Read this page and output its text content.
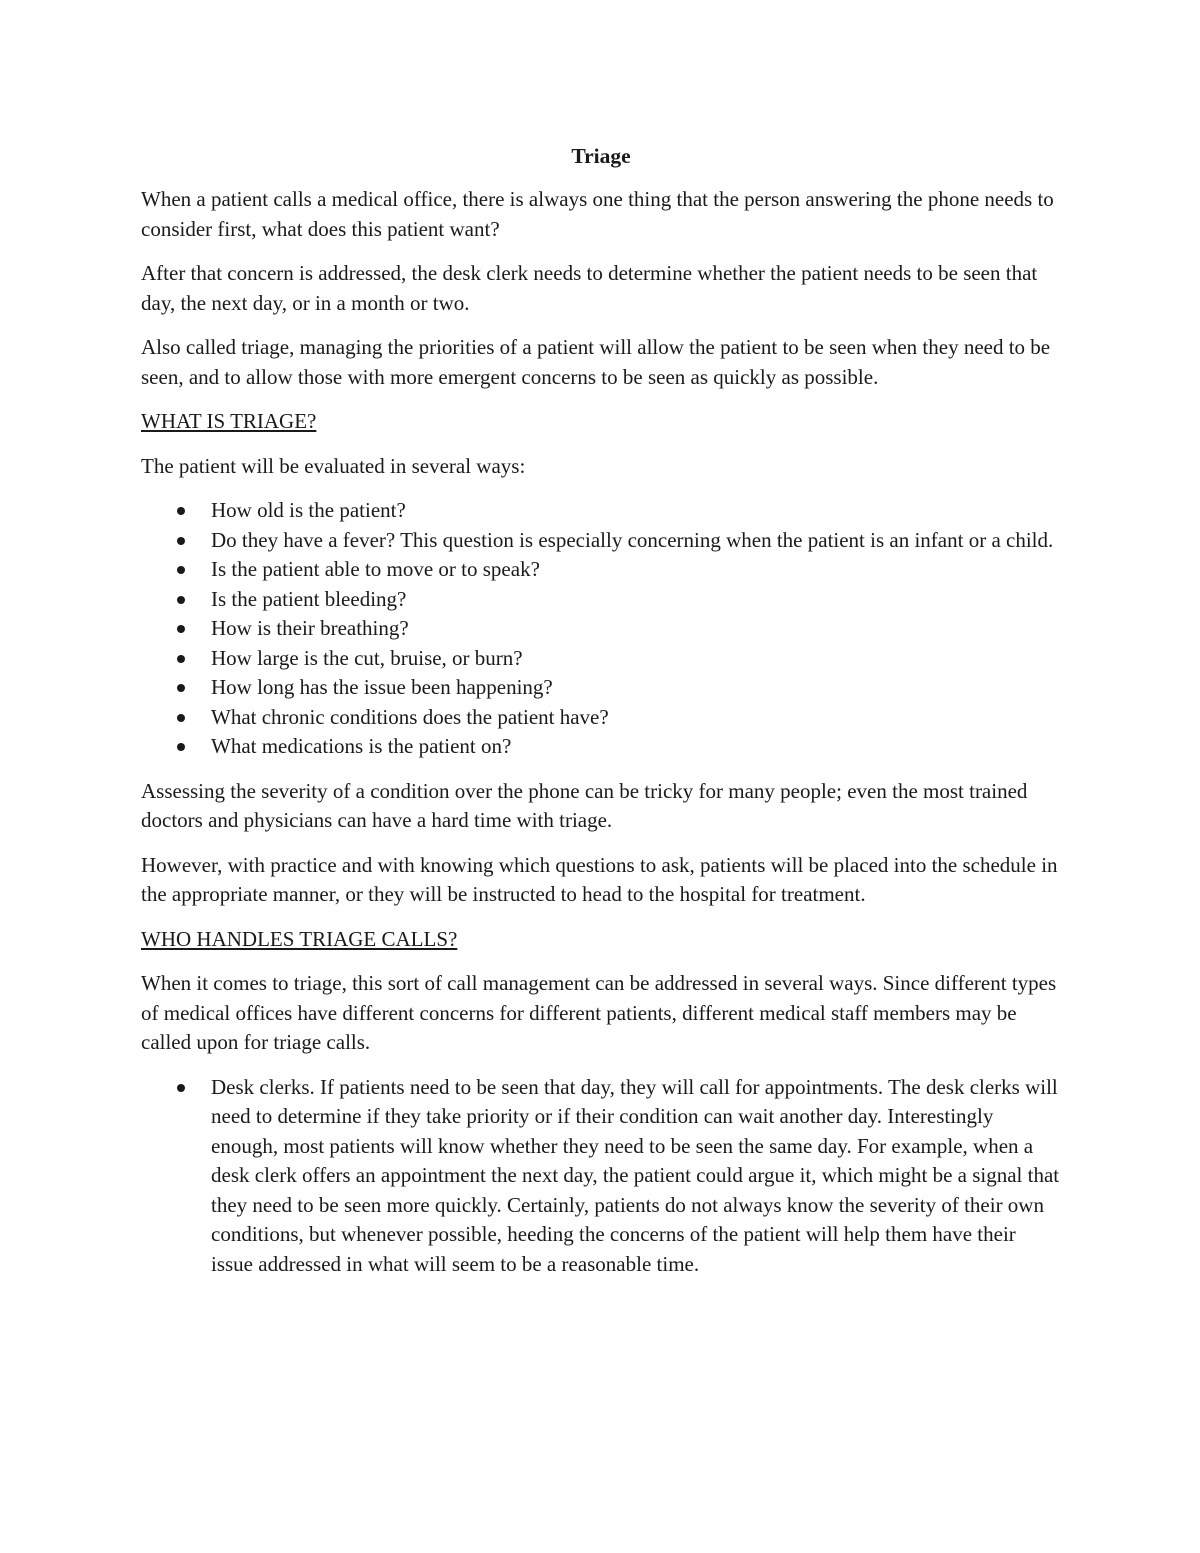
Triage

When a patient calls a medical office, there is always one thing that the person answering the phone needs to consider first, what does this patient want?

After that concern is addressed, the desk clerk needs to determine whether the patient needs to be seen that day, the next day, or in a month or two.

Also called triage, managing the priorities of a patient will allow the patient to be seen when they need to be seen, and to allow those with more emergent concerns to be seen as quickly as possible.

WHAT IS TRIAGE?

The patient will be evaluated in several ways:

How old is the patient?
Do they have a fever? This question is especially concerning when the patient is an infant or a child.
Is the patient able to move or to speak?
Is the patient bleeding?
How is their breathing?
How large is the cut, bruise, or burn?
How long has the issue been happening?
What chronic conditions does the patient have?
What medications is the patient on?

Assessing the severity of a condition over the phone can be tricky for many people; even the most trained doctors and physicians can have a hard time with triage.

However, with practice and with knowing which questions to ask, patients will be placed into the schedule in the appropriate manner, or they will be instructed to head to the hospital for treatment.

WHO HANDLES TRIAGE CALLS?

When it comes to triage, this sort of call management can be addressed in several ways. Since different types of medical offices have different concerns for different patients, different medical staff members may be called upon for triage calls.

Desk clerks. If patients need to be seen that day, they will call for appointments. The desk clerks will need to determine if they take priority or if their condition can wait another day. Interestingly enough, most patients will know whether they need to be seen the same day. For example, when a desk clerk offers an appointment the next day, the patient could argue it, which might be a signal that they need to be seen more quickly. Certainly, patients do not always know the severity of their own conditions, but whenever possible, heeding the concerns of the patient will help them have their issue addressed in what will seem to be a reasonable time.
